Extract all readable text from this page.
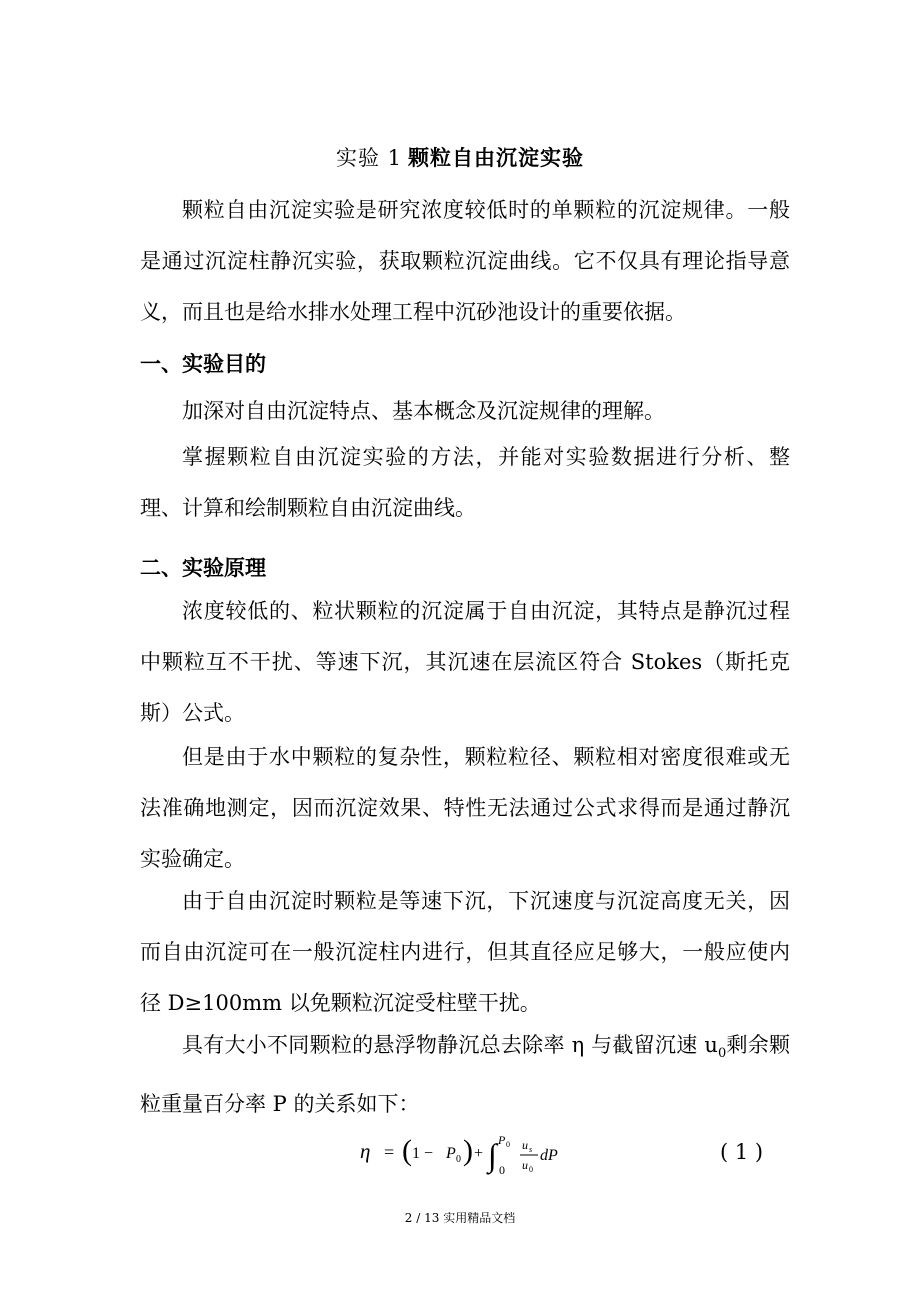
实验 1 颗粒自由沉淀实验

颗粒自由沉淀实验是研究浓度较低时的单颗粒的沉淀规律。一般是通过沉淀柱静沉实验，获取颗粒沉淀曲线。它不仅具有理论指导意义，而且也是给水排水处理工程中沉砂池设计的重要依据。

一、实验目的

加深对自由沉淀特点、基本概念及沉淀规律的理解。

掌握颗粒自由沉淀实验的方法，并能对实验数据进行分析、整理、计算和绘制颗粒自由沉淀曲线。

二、实验原理

浓度较低的、粒状颗粒的沉淀属于自由沉淀，其特点是静沉过程中颗粒互不干扰、等速下沉，其沉速在层流区符合 Stokes（斯托克斯）公式。

但是由于水中颗粒的复杂性，颗粒粒径、颗粒相对密度很难或无法准确地测定，因而沉淀效果、特性无法通过公式求得而是通过静沉实验确定。

由于自由沉淀时颗粒是等速下沉，下沉速度与沉淀高度无关，因而自由沉淀可在一般沉淀柱内进行，但其直径应足够大，一般应使内径 D≥100mm 以免颗粒沉淀受柱壁干扰。

具有大小不同颗粒的悬浮物静沉总去除率 η 与截留沉速 $u_0$剩余颗粒重量百分率 P 的关系如下：

η = ( 1 − P 0 ) + ∫ P 0
0
u s
u 0
dP	( 1 )
2 / 13 实用精品文档
